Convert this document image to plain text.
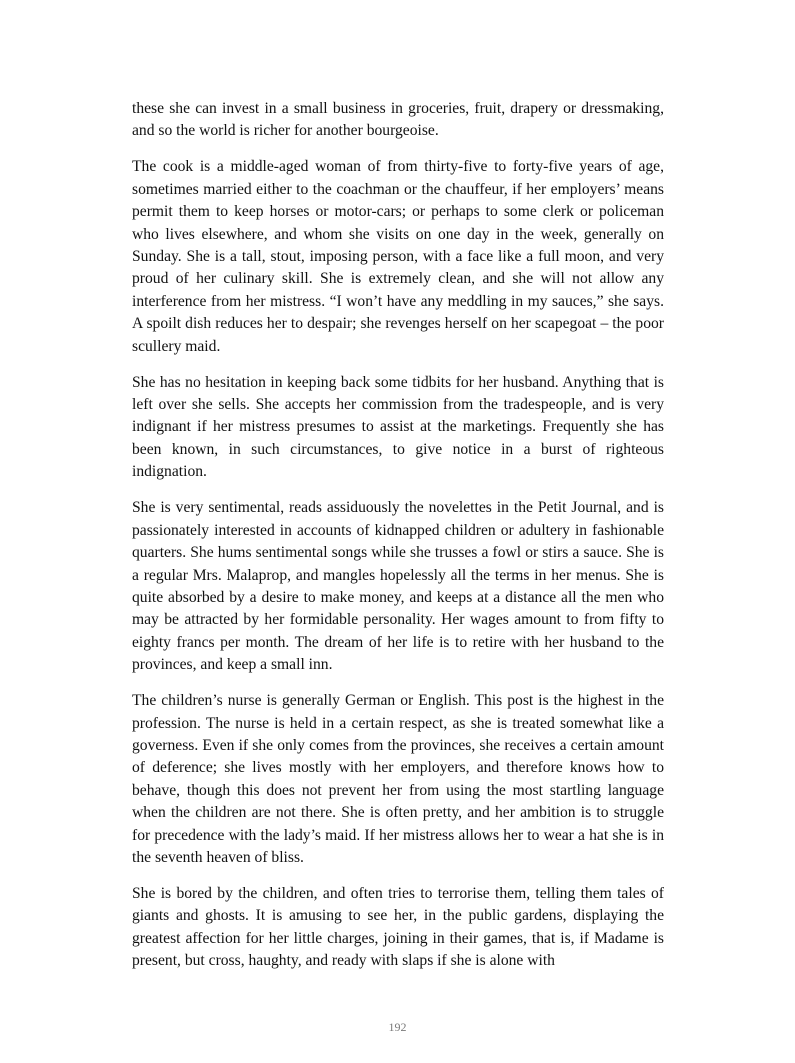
these she can invest in a small business in groceries, fruit, drapery or dressmaking, and so the world is richer for another bourgeoise.

The cook is a middle-aged woman of from thirty-five to forty-five years of age, sometimes married either to the coachman or the chauffeur, if her employers’ means permit them to keep horses or motor-cars; or perhaps to some clerk or policeman who lives elsewhere, and whom she visits on one day in the week, generally on Sunday. She is a tall, stout, imposing person, with a face like a full moon, and very proud of her culinary skill. She is extremely clean, and she will not allow any interference from her mistress. “I won’t have any meddling in my sauces,” she says. A spoilt dish reduces her to despair; she revenges herself on her scapegoat – the poor scullery maid.

She has no hesitation in keeping back some tidbits for her husband. Anything that is left over she sells. She accepts her commission from the tradespeople, and is very indignant if her mistress presumes to assist at the marketings. Frequently she has been known, in such circumstances, to give notice in a burst of righteous indignation.

She is very sentimental, reads assiduously the novelettes in the Petit Journal, and is passionately interested in accounts of kidnapped children or adultery in fashionable quarters. She hums sentimental songs while she trusses a fowl or stirs a sauce. She is a regular Mrs. Malaprop, and mangles hopelessly all the terms in her menus. She is quite absorbed by a desire to make money, and keeps at a distance all the men who may be attracted by her formidable personality. Her wages amount to from fifty to eighty francs per month. The dream of her life is to retire with her husband to the provinces, and keep a small inn.

The children’s nurse is generally German or English. This post is the highest in the profession. The nurse is held in a certain respect, as she is treated somewhat like a governess. Even if she only comes from the provinces, she receives a certain amount of deference; she lives mostly with her employers, and therefore knows how to behave, though this does not prevent her from using the most startling language when the children are not there. She is often pretty, and her ambition is to struggle for precedence with the lady’s maid. If her mistress allows her to wear a hat she is in the seventh heaven of bliss.

She is bored by the children, and often tries to terrorise them, telling them tales of giants and ghosts. It is amusing to see her, in the public gardens, displaying the greatest affection for her little charges, joining in their games, that is, if Madame is present, but cross, haughty, and ready with slaps if she is alone with

192
